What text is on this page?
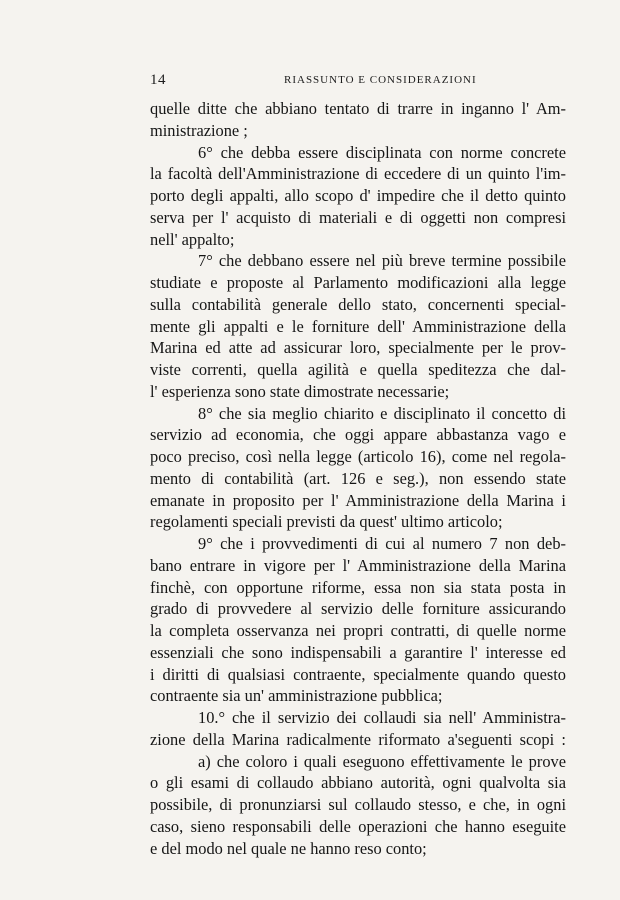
14	RIASSUNTO E CONSIDERAZIONI
quelle ditte che abbiano tentato di trarre in inganno l' Am-
ministrazione ;
6° che debba essere disciplinata con norme concrete
la facoltà dell'Amministrazione di eccedere di un quinto l'im-
porto degli appalti, allo scopo d' impedire che il detto quinto
serva per l' acquisto di materiali e di oggetti non compresi
nell' appalto;
7° che debbano essere nel più breve termine possibile
studiate e proposte al Parlamento modificazioni alla legge
sulla contabilità generale dello stato, concernenti special-
mente gli appalti e le forniture dell' Amministrazione della
Marina ed atte ad assicurar loro, specialmente per le prov-
viste correnti, quella agilità e quella speditezza che dal-
l' esperienza sono state dimostrate necessarie;
8° che sia meglio chiarito e disciplinato il concetto di
servizio ad economia, che oggi appare abbastanza vago e
poco preciso, così nella legge (articolo 16), come nel regola-
mento di contabilità (art. 126 e seg.), non essendo state
emanate in proposito per l' Amministrazione della Marina i
regolamenti speciali previsti da quest' ultimo articolo;
9° che i provvedimenti di cui al numero 7 non deb-
bano entrare in vigore per l' Amministrazione della Marina
finchè, con opportune riforme, essa non sia stata posta in
grado di provvedere al servizio delle forniture assicurando
la completa osservanza nei propri contratti, di quelle norme
essenziali che sono indispensabili a garantire l' interesse ed
i diritti di qualsiasi contraente, specialmente quando questo
contraente sia un' amministrazione pubblica;
10.° che il servizio dei collaudi sia nell' Amministra-
zione della Marina radicalmente riformato a'seguenti scopi :
a) che coloro i quali eseguono effettivamente le prove
o gli esami di collaudo abbiano autorità, ogni qualvolta sia
possibile, di pronunziarsi sul collaudo stesso, e che, in ogni
caso, sieno responsabili delle operazioni che hanno eseguite
e del modo nel quale ne hanno reso conto;
